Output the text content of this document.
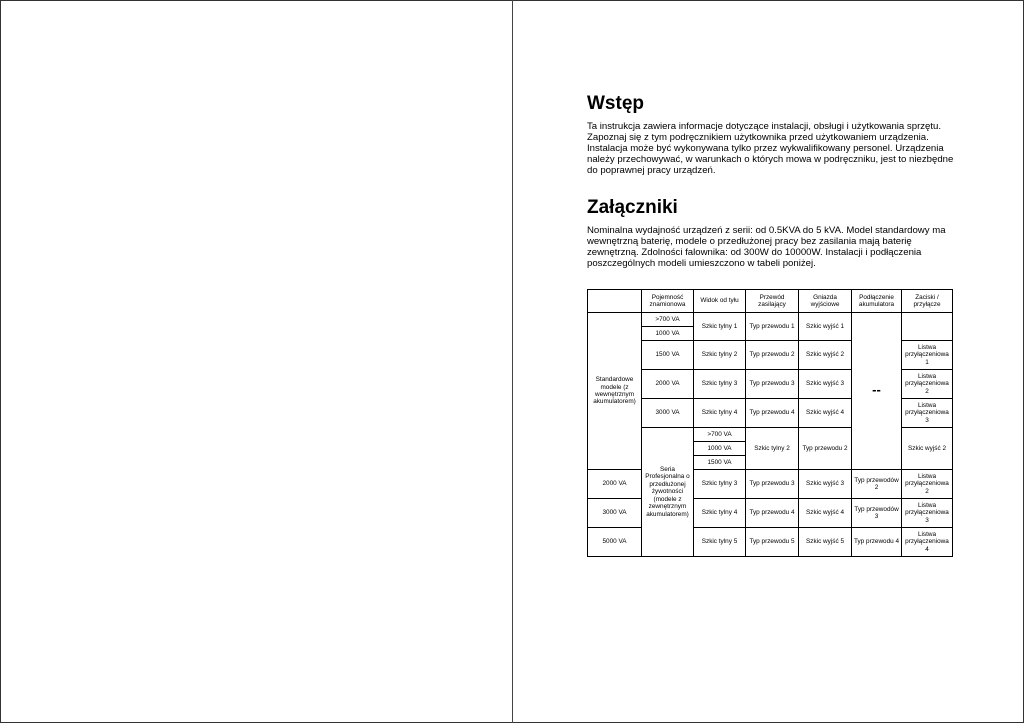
Wstęp

Ta instrukcja zawiera informacje dotyczące instalacji, obsługi i użytkowania sprzętu. Zapoznaj się z tym podręcznikiem użytkownika przed użytkowaniem urządzenia. Instalacja może być wykonywana tylko przez wykwalifikowany personel. Urządzenia należy przechowywać, w warunkach o których mowa w podręczniku, jest to niezbędne do poprawnej pracy urządzeń.

Załączniki

Nominalna wydajność urządzeń z serii: od 0.5KVA do 5 kVA. Model standardowy ma wewnętrzną baterię, modele o przedłużonej pracy bez zasilania mają baterię zewnętrzną. Zdolności falownika: od 300W do 10000W. Instalacji i podłączenia poszczególnych modeli umieszczono w tabeli poniżej.

	Pojemność znamionowa	Widok od tyłu	Przewód zasilający	Gniazda wyjściowe	Podłączenie akumulatora	Zaciski / przyłącze	
Standardowe modele (z wewnętrznym akumulatorem)	>700 VA	Szkic tylny 1	Typ przewodu 1	Szkic wyjść 1	--		
	1000 VA						
	1500 VA	Szkic tylny 2	Typ przewodu 2	Szkic wyjść 2		Listwa przyłączeniowa 1	
	2000 VA	Szkic tylny 3	Typ przewodu 3	Szkic wyjść 3		Listwa przyłączeniowa 2	
	3000 VA	Szkic tylny 4	Typ przewodu 4	Szkic wyjść 4		Listwa przyłączeniowa 3	
	Seria Profesjonalna o przedłużonej żywotności (modele z zewnętrznym akumulatorem)	>700 VA	Szkic tylny 2	Typ przewodu 2		Szkic wyjść 2		
		1000 VA					
		1500 VA					
2000 VA		Szkic tylny 3	Typ przewodu 3	Szkic wyjść 3	Typ przewodów 2	Listwa przyłączeniowa 2	
3000 VA		Szkic tylny 4	Typ przewodu 4	Szkic wyjść 4	Typ przewodów 3	Listwa przyłączeniowa 3	
5000 VA		Szkic tylny 5	Typ przewodu 5	Szkic wyjść 5	Typ przewodu 4	Listwa przyłączeniowa 4	
